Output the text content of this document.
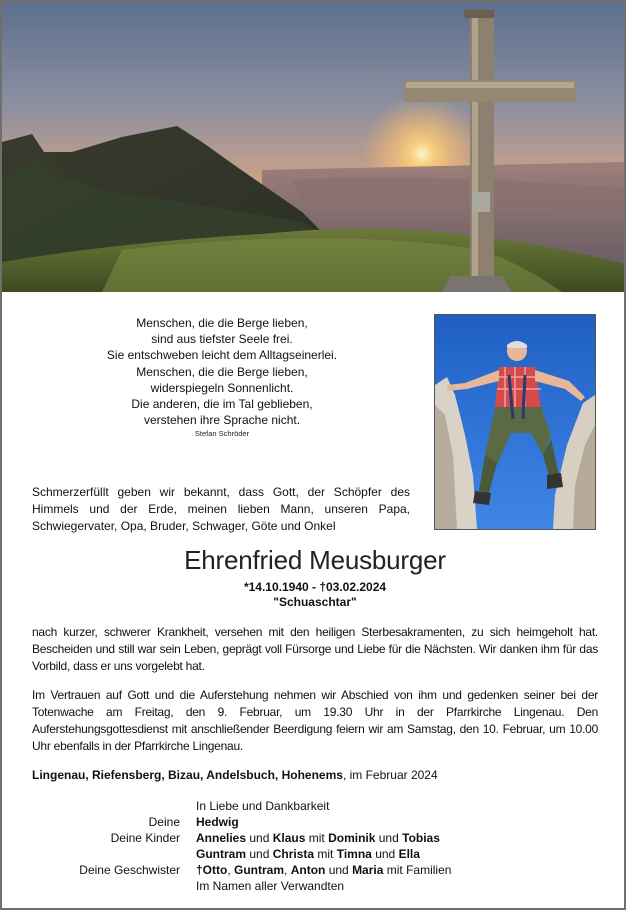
Menschen, die die Berge lieben,
sind aus tiefster Seele frei.
Sie entschweben leicht dem Alltagseinerlei.
Menschen, die die Berge lieben,
widerspiegeln Sonnenlicht.
Die anderen, die im Tal geblieben,
verstehen ihre Sprache nicht.
Stefan Schröder
Schmerzerfüllt geben wir bekannt, dass Gott, der Schöpfer des Himmels und der Erde, meinen lieben Mann, unseren Papa, Schwiegervater, Opa, Bruder, Schwager, Göte und Onkel
Ehrenfried Meusburger
*14.10.1940 - †03.02.2024
"Schuaschtar"
nach kurzer, schwerer Krankheit, versehen mit den heiligen Sterbesakramenten, zu sich heimgeholt hat. Bescheiden und still war sein Leben, geprägt voll Fürsorge und Liebe für die Nächsten. Wir danken ihm für das Vorbild, dass er uns vorgelebt hat.
Im Vertrauen auf Gott und die Auferstehung nehmen wir Abschied von ihm und gedenken seiner bei der Totenwache am Freitag, den 9. Februar, um 19.30 Uhr in der Pfarrkirche Lingenau. Den Auferstehungsgottesdienst mit anschließender Beerdigung feiern wir am Samstag, den 10. Februar, um 10.00 Uhr ebenfalls in der Pfarrkirche Lingenau.
Lingenau, Riefensberg, Bizau, Andelsbuch, Hohenems, im Februar 2024
In Liebe und Dankbarkeit
Deine Hedwig
Deine Kinder Annelies und Klaus mit Dominik und Tobias
Guntram und Christa mit Timna und Ella
Deine Geschwister †Otto, Guntram, Anton und Maria mit Familien
Im Namen aller Verwandten
